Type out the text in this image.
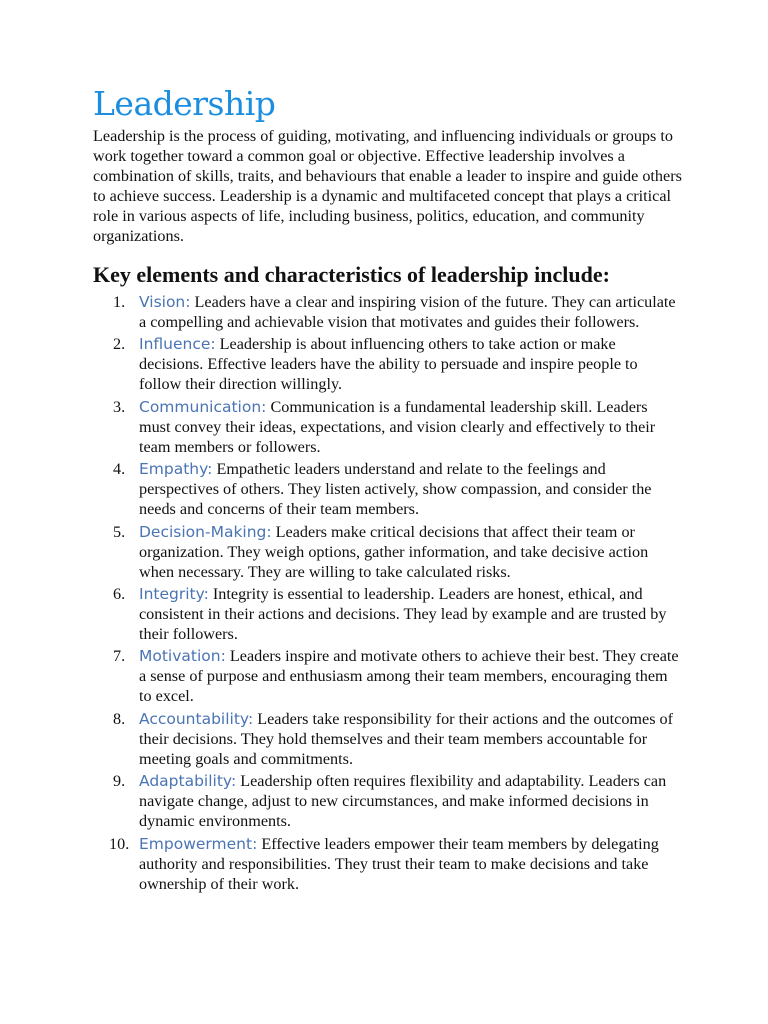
Leadership

Leadership is the process of guiding, motivating, and influencing individuals or groups to work together toward a common goal or objective. Effective leadership involves a combination of skills, traits, and behaviours that enable a leader to inspire and guide others to achieve success. Leadership is a dynamic and multifaceted concept that plays a critical role in various aspects of life, including business, politics, education, and community organizations.

Key elements and characteristics of leadership include:
1. Vision: Leaders have a clear and inspiring vision of the future. They can articulate a compelling and achievable vision that motivates and guides their followers.
2. Influence: Leadership is about influencing others to take action or make decisions. Effective leaders have the ability to persuade and inspire people to follow their direction willingly.
3. Communication: Communication is a fundamental leadership skill. Leaders must convey their ideas, expectations, and vision clearly and effectively to their team members or followers.
4. Empathy: Empathetic leaders understand and relate to the feelings and perspectives of others. They listen actively, show compassion, and consider the needs and concerns of their team members.
5. Decision-Making: Leaders make critical decisions that affect their team or organization. They weigh options, gather information, and take decisive action when necessary. They are willing to take calculated risks.
6. Integrity: Integrity is essential to leadership. Leaders are honest, ethical, and consistent in their actions and decisions. They lead by example and are trusted by their followers.
7. Motivation: Leaders inspire and motivate others to achieve their best. They create a sense of purpose and enthusiasm among their team members, encouraging them to excel.
8. Accountability: Leaders take responsibility for their actions and the outcomes of their decisions. They hold themselves and their team members accountable for meeting goals and commitments.
9. Adaptability: Leadership often requires flexibility and adaptability. Leaders can navigate change, adjust to new circumstances, and make informed decisions in dynamic environments.
10. Empowerment: Effective leaders empower their team members by delegating authority and responsibilities. They trust their team to make decisions and take ownership of their work.
